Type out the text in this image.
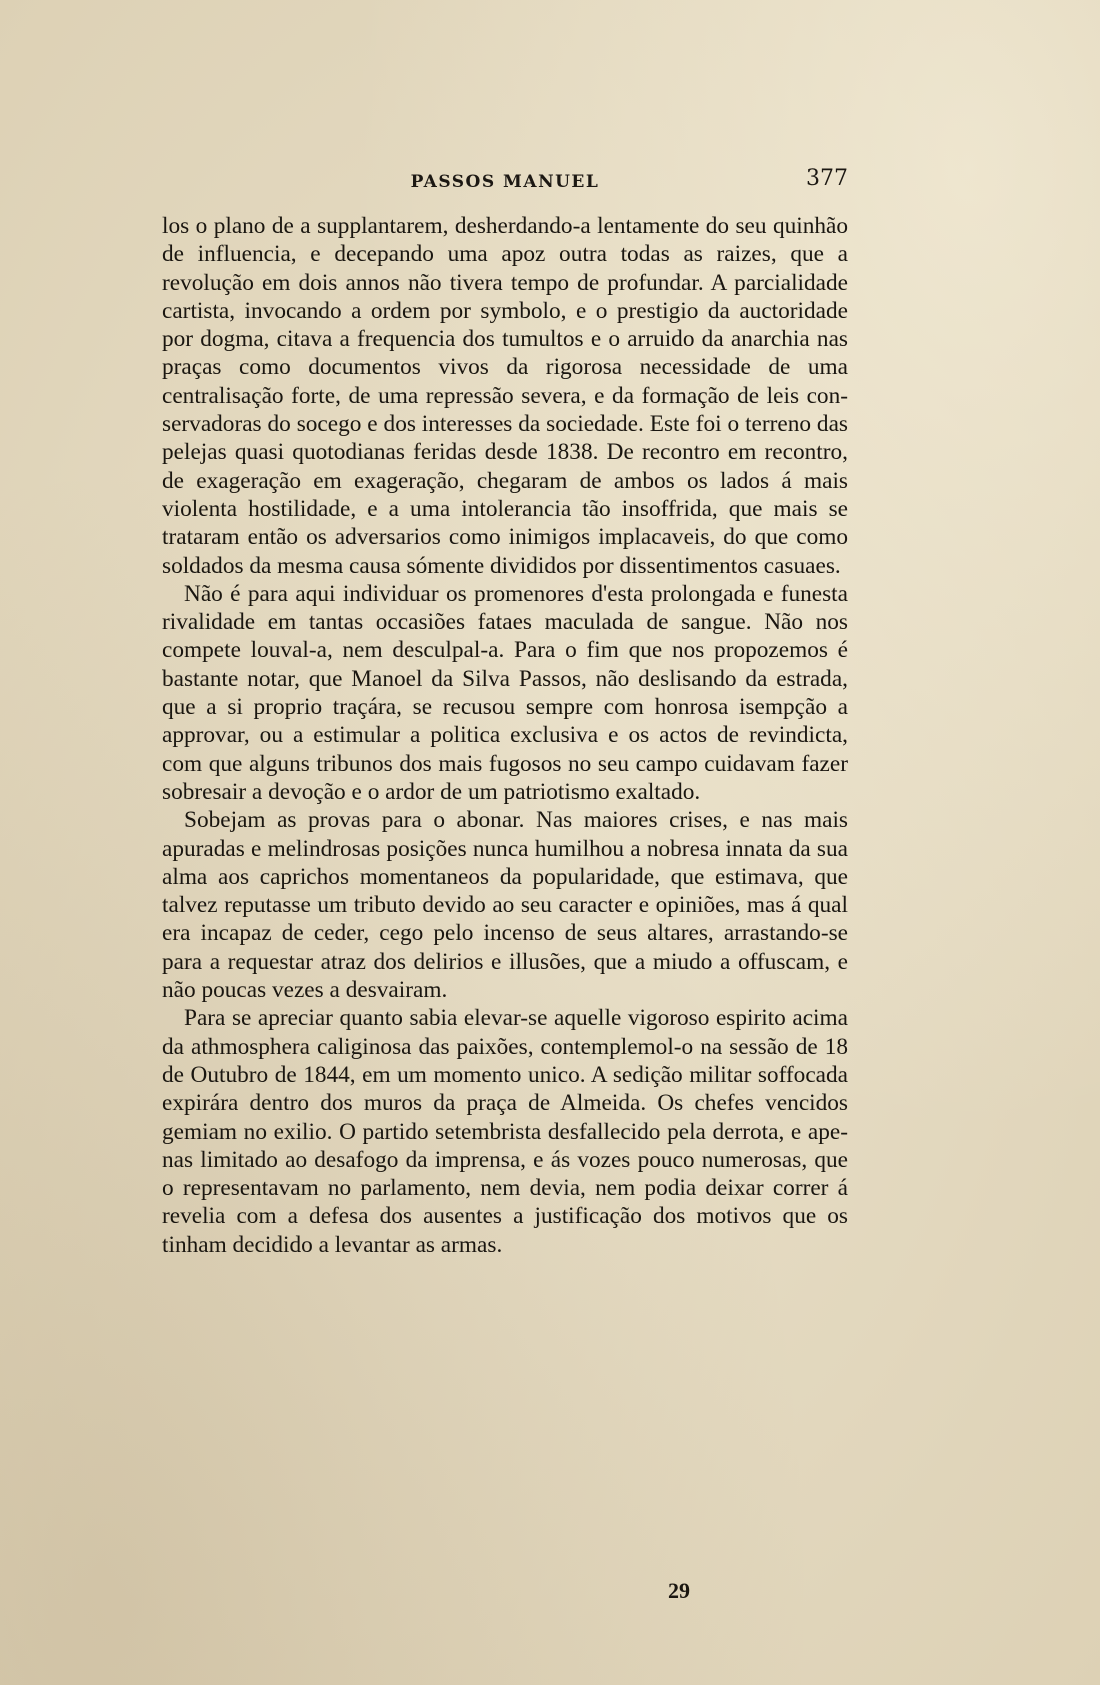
PASSOS MANUEL	377

los o plano de a supplantarem, desherdando-a lentamente do seu quinhão de influencia, e decepando uma apoz outra todas as raizes, que a revolução em dois annos não tivera tempo de profundar. A parcialidade cartista, invocando a ordem por symbolo, e o prestigio da auctoridade por dogma, citava a frequencia dos tumultos e o arruido da anarchia nas praças como documentos vivos da rigorosa necessidade de uma centralisação forte, de uma repressão severa, e da formação de leis conservadoras do socego e dos interesses da sociedade. Este foi o terreno das pelejas quasi quotodianas feridas desde 1838. De recontro em recontro, de exageração em exageração, chegaram de ambos os lados á mais violenta hostilidade, e a uma intolerancia tão insoffrida, que mais se trataram então os adversarios como inimigos implacaveis, do que como soldados da mesma causa sómente divididos por dissentimentos casuaes.

Não é para aqui individuar os promenores d'esta prolongada e funesta rivalidade em tantas occasiões fataes maculada de sangue. Não nos compete louval-a, nem desculpal-a. Para o fim que nos propozemos é bastante notar, que Manoel da Silva Passos, não deslisando da estrada, que a si proprio traçára, se recusou sempre com honrosa isempção a approvar, ou a estimular a politica exclusiva e os actos de revindicta, com que alguns tribunos dos mais fugosos no seu campo cuidavam fazer sobresair a devoção e o ardor de um patriotismo exaltado.

Sobejam as provas para o abonar. Nas maiores crises, e nas mais apuradas e melindrosas posições nunca humilhou a nobresa innata da sua alma aos caprichos momentaneos da popularidade, que estimava, que talvez reputasse um tributo devido ao seu caracter e opiniões, mas á qual era incapaz de ceder, cego pelo incenso de seus altares, arrastando-se para a requestar atraz dos delirios e illusões, que a miudo a offuscam, e não poucas vezes a desvairam.

Para se apreciar quanto sabia elevar-se aquelle vigoroso espirito acima da athmosphera caliginosa das paixões, contemplemol-o na sessão de 18 de Outubro de 1844, em um momento unico. A sedição militar soffocada expirára dentro dos muros da praça de Almeida. Os chefes vencidos gemiam no exilio. O partido setembrista desfallecido pela derrota, e apenas limitado ao desafogo da imprensa, e ás vozes pouco numerosas, que o representavam no parlamento, nem devia, nem podia deixar correr á revelia com a defesa dos ausentes a justificação dos motivos que os tinham decidido a levantar as armas.

29
